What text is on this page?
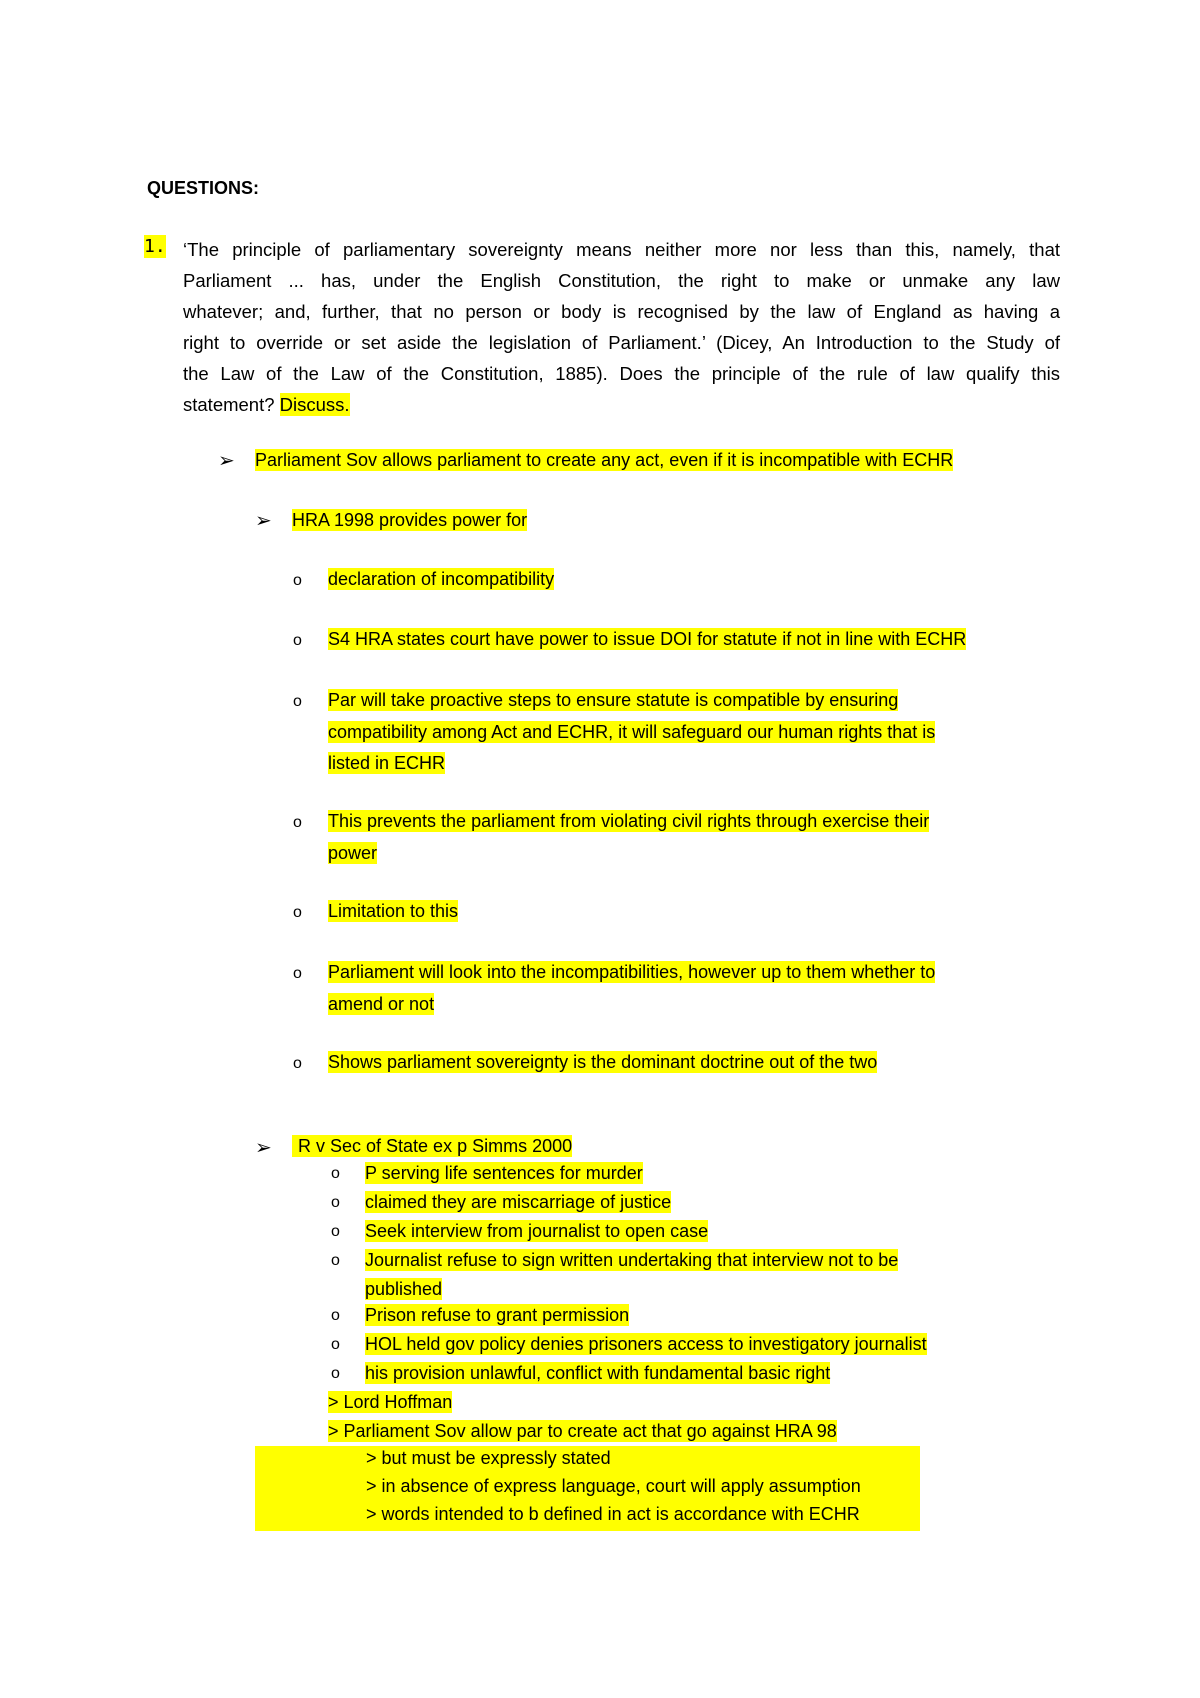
QUESTIONS:
1. ‘The principle of parliamentary sovereignty means neither more nor less than this, namely, that
Parliament ... has, under the English Constitution, the right to make or unmake any law
whatever; and, further, that no person or body is recognised by the law of England as having a
right to override or set aside the legislation of Parliament.’ (Dicey, An Introduction to the Study of
the Law of the Law of the Constitution, 1885). Does the principle of the rule of law qualify this
statement? Discuss.
➢ Parliament Sov allows parliament to create any act, even if it is incompatible with ECHR
➢ HRA 1998 provides power for
o declaration of incompatibility
o S4 HRA states court have power to issue DOI for statute if not in line with ECHR
o Par will take proactive steps to ensure statute is compatible by ensuring
compatibility among Act and ECHR, it will safeguard our human rights that is
listed in ECHR
o This prevents the parliament from violating civil rights through exercise their
power
o Limitation to this
o Parliament will look into the incompatibilities, however up to them whether to
amend or not
o Shows parliament sovereignty is the dominant doctrine out of the two
➢	R v Sec of State ex p Simms 2000
o P serving life sentences for murder
o claimed they are miscarriage of justice
o Seek interview from journalist to open case
o Journalist refuse to sign written undertaking that interview not to be
published
o Prison refuse to grant permission
o HOL held gov policy denies prisoners access to investigatory journalist
o his provision unlawful, conflict with fundamental basic right
> Lord Hoffman
> Parliament Sov allow par to create act that go against HRA 98
> but must be expressly stated
> in absence of express language, court will apply assumption
> words intended to b defined in act is accordance with ECHR
